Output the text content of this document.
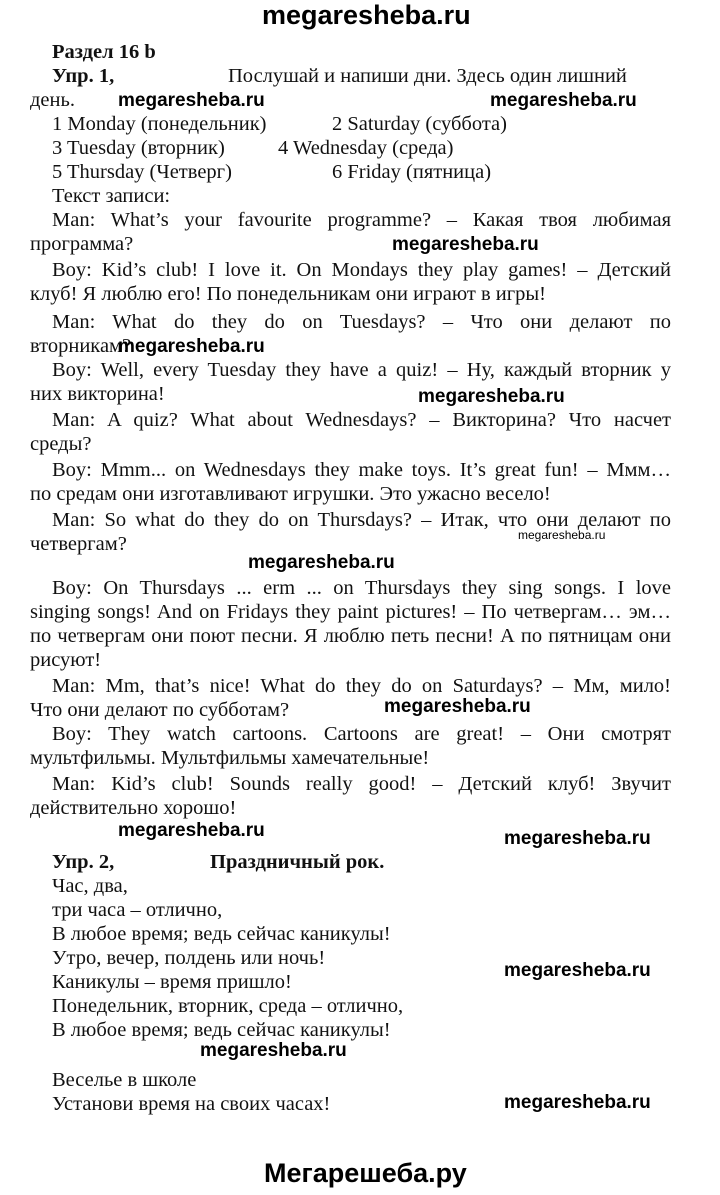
megaresheba.ru
Раздел 16 b
Упр. 1,	Послушай и напиши дни. Здесь один лишний
день. megaresheba.ru	megaresheba.ru
1 Monday (понедельник)	2 Saturday (суббота)
3 Tuesday (вторник)	4 Wednesday (среда)
5 Thursday (Четверг)	6 Friday (пятница)
Текст записи:
Man: What’s your favourite programme? – Какая твоя любимая
программа?	megaresheba.ru
Boy: Kid’s club! I love it. On Mondays they play games! – Детский
клуб! Я люблю его! По понедельникам они играют в игры!
Man: What do they do on Tuesdays? – Что они делают по
вторникам?
megaresheba.ru
Boy: Well, every Tuesday they have a quiz! – Ну, каждый вторник у
них викторина!	megaresheba.ru
Man: A quiz? What about Wednesdays? – Викторина? Что насчет
среды?
Boy: Mmm... on Wednesdays they make toys. It’s great fun! – Ммм…
по средам они изготавливают игрушки. Это ужасно весело!
Man: So what do they do on Thursdays? – Итак, что они делают по
четвергам?	megaresheba.ru
megaresheba.ru
Boy: On Thursdays ... erm ... on Thursdays they sing songs. I love
singing songs! And on Fridays they paint pictures! – По четвергам… эм…
по четвергам они поют песни. Я люблю петь песни! А по пятницам они
рисуют!
Man: Mm, that’s nice! What do they do on Saturdays? – Мм, мило!
Что они делают по субботам?	megaresheba.ru
Boy: They watch cartoons. Cartoons are great! – Они смотрят
мультфильмы. Мультфильмы хамечательные!
Man: Kid’s club! Sounds really good! – Детский клуб! Звучит
действительно хорошо!
megaresheba.ru	megaresheba.ru
Упр. 2,	Праздничный рок.
Час, два,
три часа – отлично,
В любое время; ведь сейчас каникулы!
Утро, вечер, полдень или ночь!
megaresheba.ru
Каникулы – время пришло!
Понедельник, вторник, среда – отлично,
В любое время; ведь сейчас каникулы!
megaresheba.ru
Веселье в школе
Установи время на своих часах!	megaresheba.ru
Мегарешеба.ру
